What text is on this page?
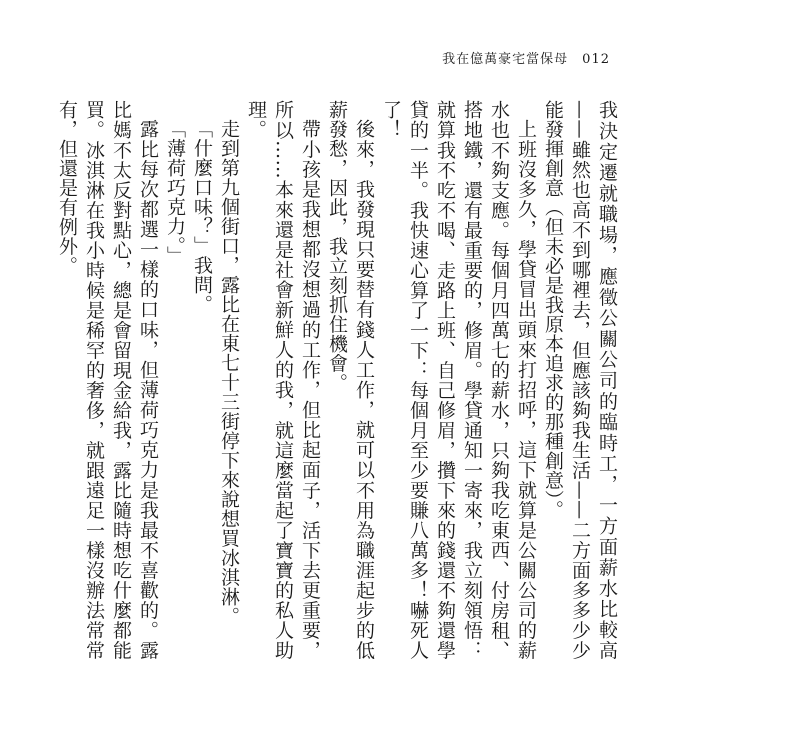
我在億萬豪宅當保母 012

我決定遷就職場，應徵公關公司的臨時工，一方面薪水比較高——雖然也高不到哪裡去，但應該夠我生活——二方面多多少少能發揮創意（但未必是我原本追求的那種創意）。

上班沒多久，學貸冒出頭來打招呼，這下就算是公關公司的薪水也不夠支應。每個月四萬七的薪水，只夠我吃東西、付房租、搭地鐵，還有最重要的，修眉。學貸通知一寄來，我立刻領悟：就算我不吃不喝、走路上班、自己修眉，攢下來的錢還不夠還學貸的一半。我快速心算了一下：每個月至少要賺八萬多！嚇死人了！

後來，我發現只要替有錢人工作，就可以不用為職涯起步的低薪發愁，因此，我立刻抓住機會。

帶小孩是我想都沒想過的工作，但比起面子，活下去更重要，所以……本來還是社會新鮮人的我，就這麼當起了寶寶的私人助理。

走到第九個街口，露比在東七十三街停下來說想買冰淇淋。

「什麼口味？」我問。

「薄荷巧克力。」

露比每次都選一樣的口味，但薄荷巧克力是我最不喜歡的。露比媽不太反對點心，總是會留現金給我，露比隨時想吃什麼都能買。冰淇淋在我小時候是稀罕的奢侈，就跟遠足一樣沒辦法常常有，但還是有例外。
